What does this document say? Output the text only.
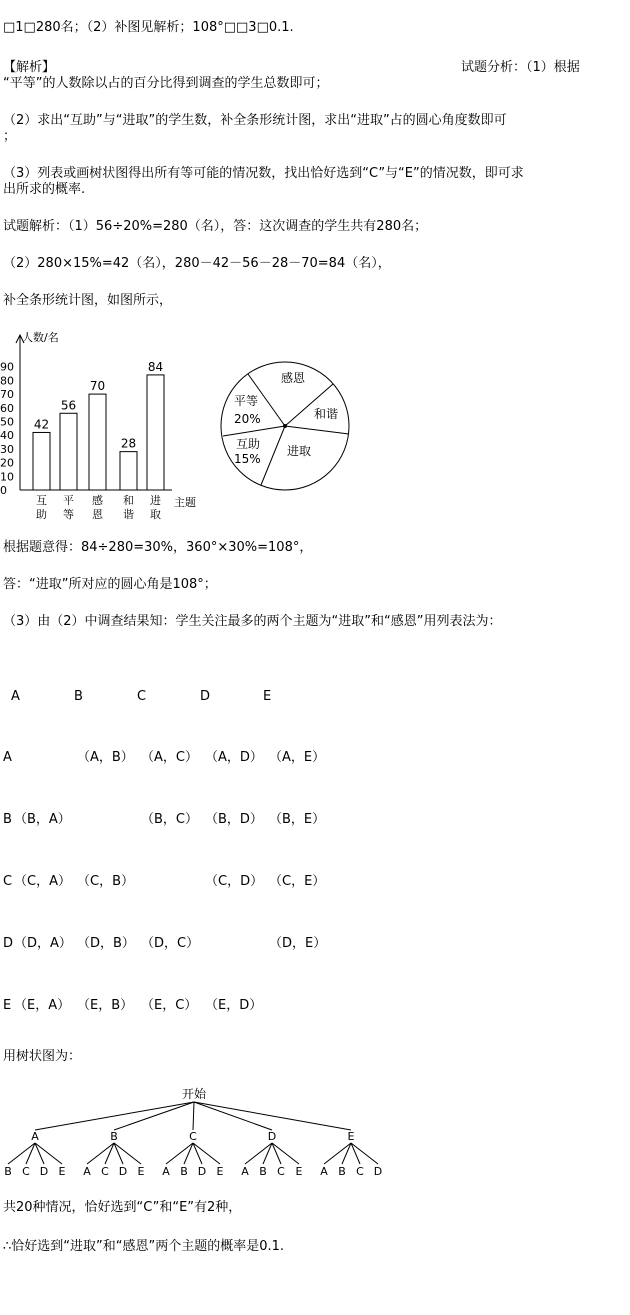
□1□280名；（2）补图见解析；108°□□3□0.1.
【解析】	试题分析：（1）根据
“平等”的人数除以占的百分比得到调查的学生总数即可；
（2）求出“互助”与“进取”的学生数，补全条形统计图，求出“进取”占的圆心角度数即可
；
（3）列表或画树状图得出所有等可能的情况数，找出恰好选到“C”与“E”的情况数，即可求
出所求的概率.
试题解析：（1）56÷20%=280（名），答：这次调查的学生共有280名；
（2）280×15%=42（名），280－42－56－28－70=84（名），
补全条形统计图，如图所示，
人数/名
主题
0
10
20
30
40
50
60
70
80
90
42
互
助
56
平
等
70
感
恩
28
和
谐
84
进
取
感恩
和谐
进取
互助
15%
平等
20%
根据题意得：84÷280=30%，360°×30%=108°，
答：“进取”所对应的圆心角是108°；
（3）由（2）中调查结果知：学生关注最多的两个主题为“进取”和“感恩”用列表法为：
A	B	C	D	E
A	（A，B） （A，C） （A，D） （A，E）
B （B，A）	（B，C） （B，D） （B，E）
C （C，A） （C，B）	（C，D） （C，E）
D （D，A） （D，B） （D，C）	（D，E）
E （E，A） （E，B） （E，C） （E，D）
用树状图为：
开始
A
B C D E
B
A C D E
C
A B D E
D
A B C E
E
A B C D
共20种情况，恰好选到“C”和“E”有2种，
∴恰好选到“进取”和“感恩”两个主题的概率是0.1.
